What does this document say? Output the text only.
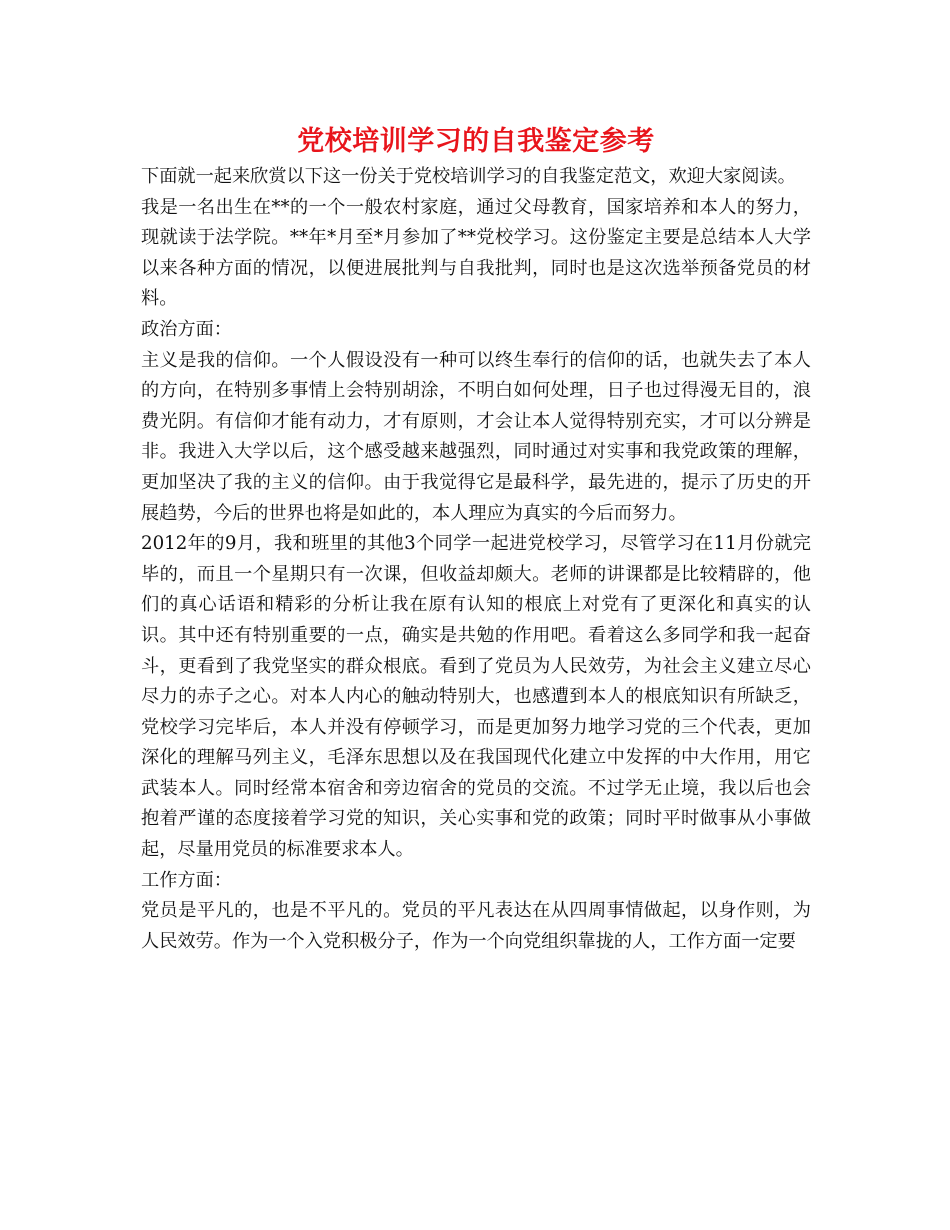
党校培训学习的自我鉴定参考

下面就一起来欣赏以下这一份关于党校培训学习的自我鉴定范文，欢迎大家阅读。

我是一名出生在**的一个一般农村家庭，通过父母教育，国家培养和本人的努力，现就读于法学院。**年*月至*月参加了**党校学习。这份鉴定主要是总结本人大学以来各种方面的情况，以便进展批判与自我批判，同时也是这次选举预备党员的材料。

政治方面：

主义是我的信仰。一个人假设没有一种可以终生奉行的信仰的话，也就失去了本人的方向，在特别多事情上会特别胡涂，不明白如何处理，日子也过得漫无目的，浪费光阴。有信仰才能有动力，才有原则，才会让本人觉得特别充实，才可以分辨是非。我进入大学以后，这个感受越来越强烈，同时通过对实事和我党政策的理解，更加坚决了我的主义的信仰。由于我觉得它是最科学，最先进的，提示了历史的开展趋势，今后的世界也将是如此的，本人理应为真实的今后而努力。

2012年的9月，我和班里的其他3个同学一起进党校学习，尽管学习在11月份就完毕的，而且一个星期只有一次课，但收益却颇大。老师的讲课都是比较精辟的，他们的真心话语和精彩的分析让我在原有认知的根底上对党有了更深化和真实的认识。其中还有特别重要的一点，确实是共勉的作用吧。看着这么多同学和我一起奋斗，更看到了我党坚实的群众根底。看到了党员为人民效劳，为社会主义建立尽心尽力的赤子之心。对本人内心的触动特别大，也感遭到本人的根底知识有所缺乏，党校学习完毕后，本人并没有停顿学习，而是更加努力地学习党的三个代表，更加深化的理解马列主义，毛泽东思想以及在我国现代化建立中发挥的中大作用，用它武装本人。同时经常本宿舍和旁边宿舍的党员的交流。不过学无止境，我以后也会抱着严谨的态度接着学习党的知识，关心实事和党的政策；同时平时做事从小事做起，尽量用党员的标准要求本人。

工作方面：

党员是平凡的，也是不平凡的。党员的平凡表达在从四周事情做起，以身作则，为人民效劳。作为一个入党积极分子，作为一个向党组织靠拢的人，工作方面一定要
